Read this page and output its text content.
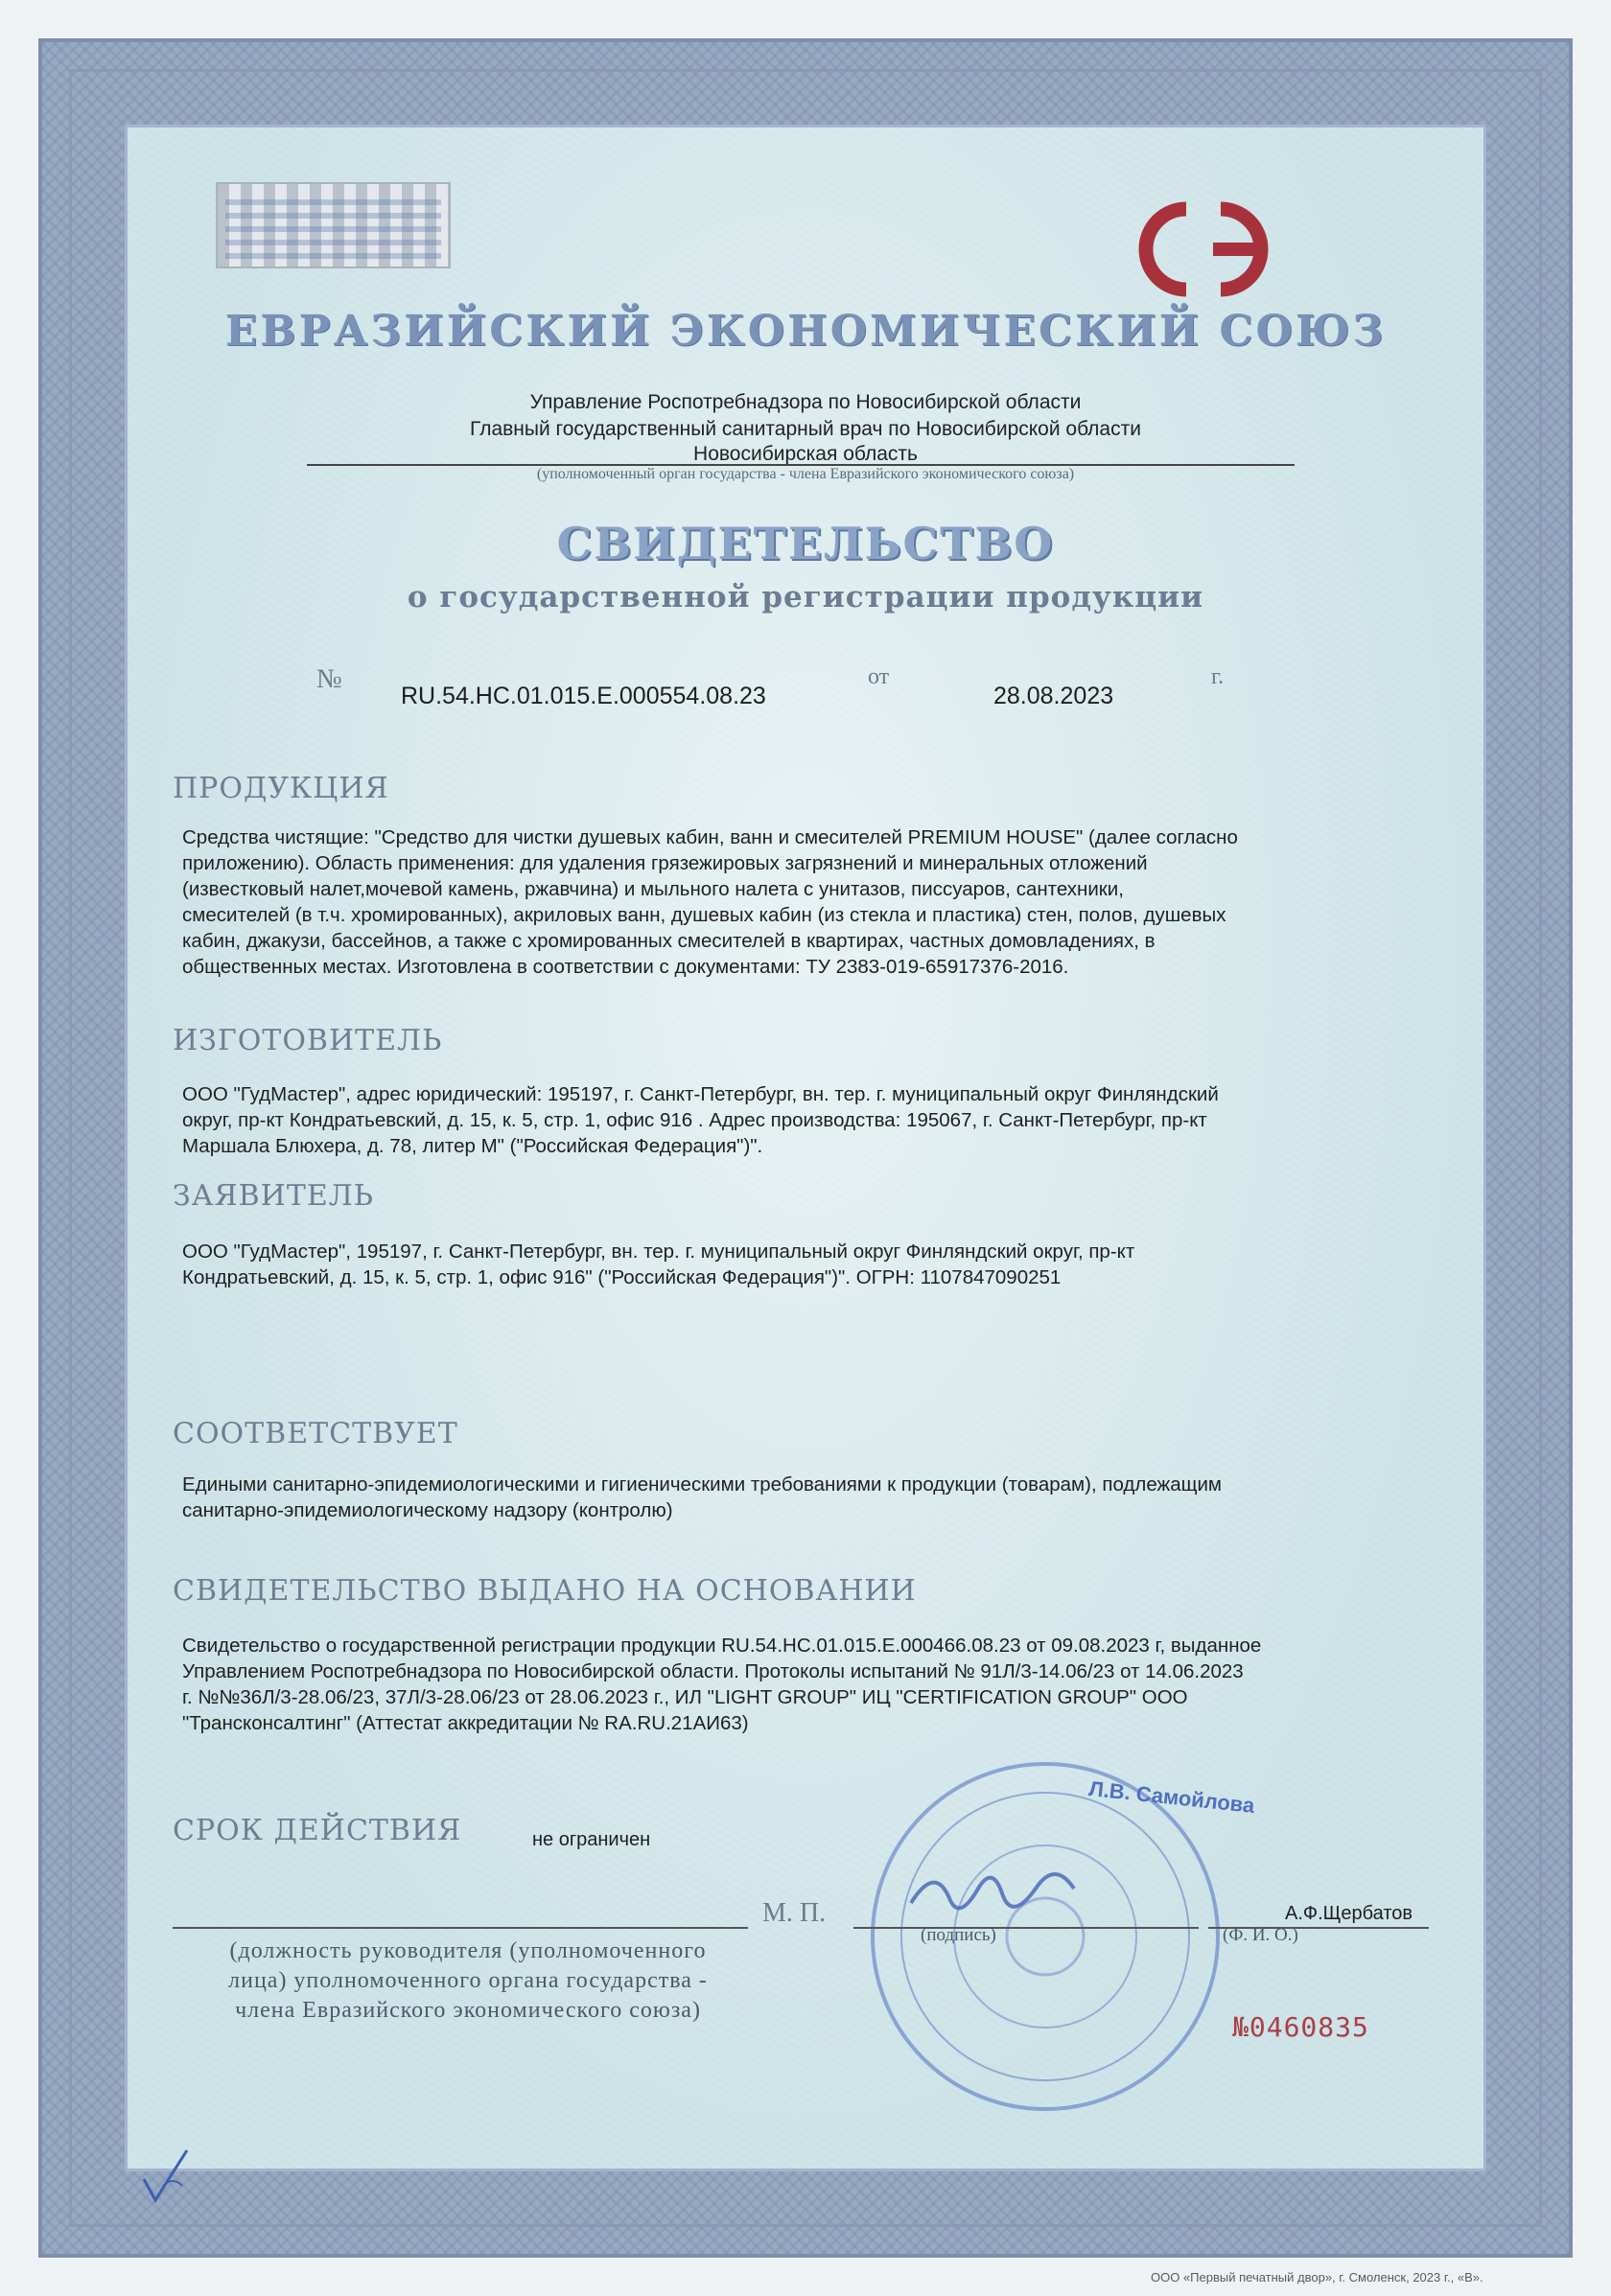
ЕВРАЗИЙСКИЙ ЭКОНОМИЧЕСКИЙ СОЮЗ
Управление Роспотребнадзора по Новосибирской области
Главный государственный санитарный врач по Новосибирской области
Новосибирская область
(уполномоченный орган государства - члена Евразийского экономического союза)
СВИДЕТЕЛЬСТВО
о государственной регистрации продукции
№
RU.54.НС.01.015.Е.000554.08.23
от
28.08.2023
г.
ПРОДУКЦИЯ
Средства чистящие: "Средство для чистки душевых кабин, ванн и смесителей PREMIUM HOUSE" (далее согласно
приложению). Область применения: для удаления грязежировых загрязнений и минеральных отложений
(известковый налет,мочевой камень, ржавчина) и мыльного налета с унитазов, писсуаров, сантехники,
смесителей (в т.ч. хромированных), акриловых ванн, душевых кабин (из стекла и пластика) стен, полов, душевых
кабин, джакузи, бассейнов, а также с хромированных смесителей в квартирах, частных домовладениях, в
общественных местах. Изготовлена в соответствии с документами: ТУ 2383-019-65917376-2016.
ИЗГОТОВИТЕЛЬ
ООО "ГудМастер", адрес юридический: 195197, г. Санкт-Петербург, вн. тер. г. муниципальный округ Финляндский
округ, пр-кт Кондратьевский, д. 15, к. 5, стр. 1, офис 916 . Адрес производства: 195067, г. Санкт-Петербург, пр-кт
Маршала Блюхера, д. 78, литер М" ("Российская Федерация")".
ЗАЯВИТЕЛЬ
ООО "ГудМастер", 195197, г. Санкт-Петербург, вн. тер. г. муниципальный округ Финляндский округ, пр-кт
Кондратьевский, д. 15, к. 5, стр. 1, офис 916" ("Российская Федерация")". ОГРН: 1107847090251
СООТВЕТСТВУЕТ
Едиными санитарно-эпидемиологическими и гигиеническими требованиями к продукции (товарам), подлежащим
санитарно-эпидемиологическому надзору (контролю)
СВИДЕТЕЛЬСТВО ВЫДАНО НА ОСНОВАНИИ
Свидетельство о государственной регистрации продукции RU.54.НС.01.015.Е.000466.08.23 от 09.08.2023 г, выданное
Управлением Роспотребнадзора по Новосибирской области. Протоколы испытаний № 91Л/3-14.06/23 от 14.06.2023
г. №№36Л/3-28.06/23, 37Л/3-28.06/23 от 28.06.2023 г., ИЛ "LIGHT GROUP" ИЦ "CERTIFICATION GROUP" ООО
"Трансконсалтинг" (Аттестат аккредитации № RA.RU.21АИ63)
СРОК ДЕЙСТВИЯ	не ограничен
Л.В. Самойлова
М. П.
(подпись)	(Ф. И. О.)
А.Ф.Щербатов
(должность руководителя (уполномоченного
лица) уполномоченного органа государства -
члена Евразийского экономического союза)
№0460835
ООО «Первый печатный двор», г. Смоленск, 2023 г., «В».
